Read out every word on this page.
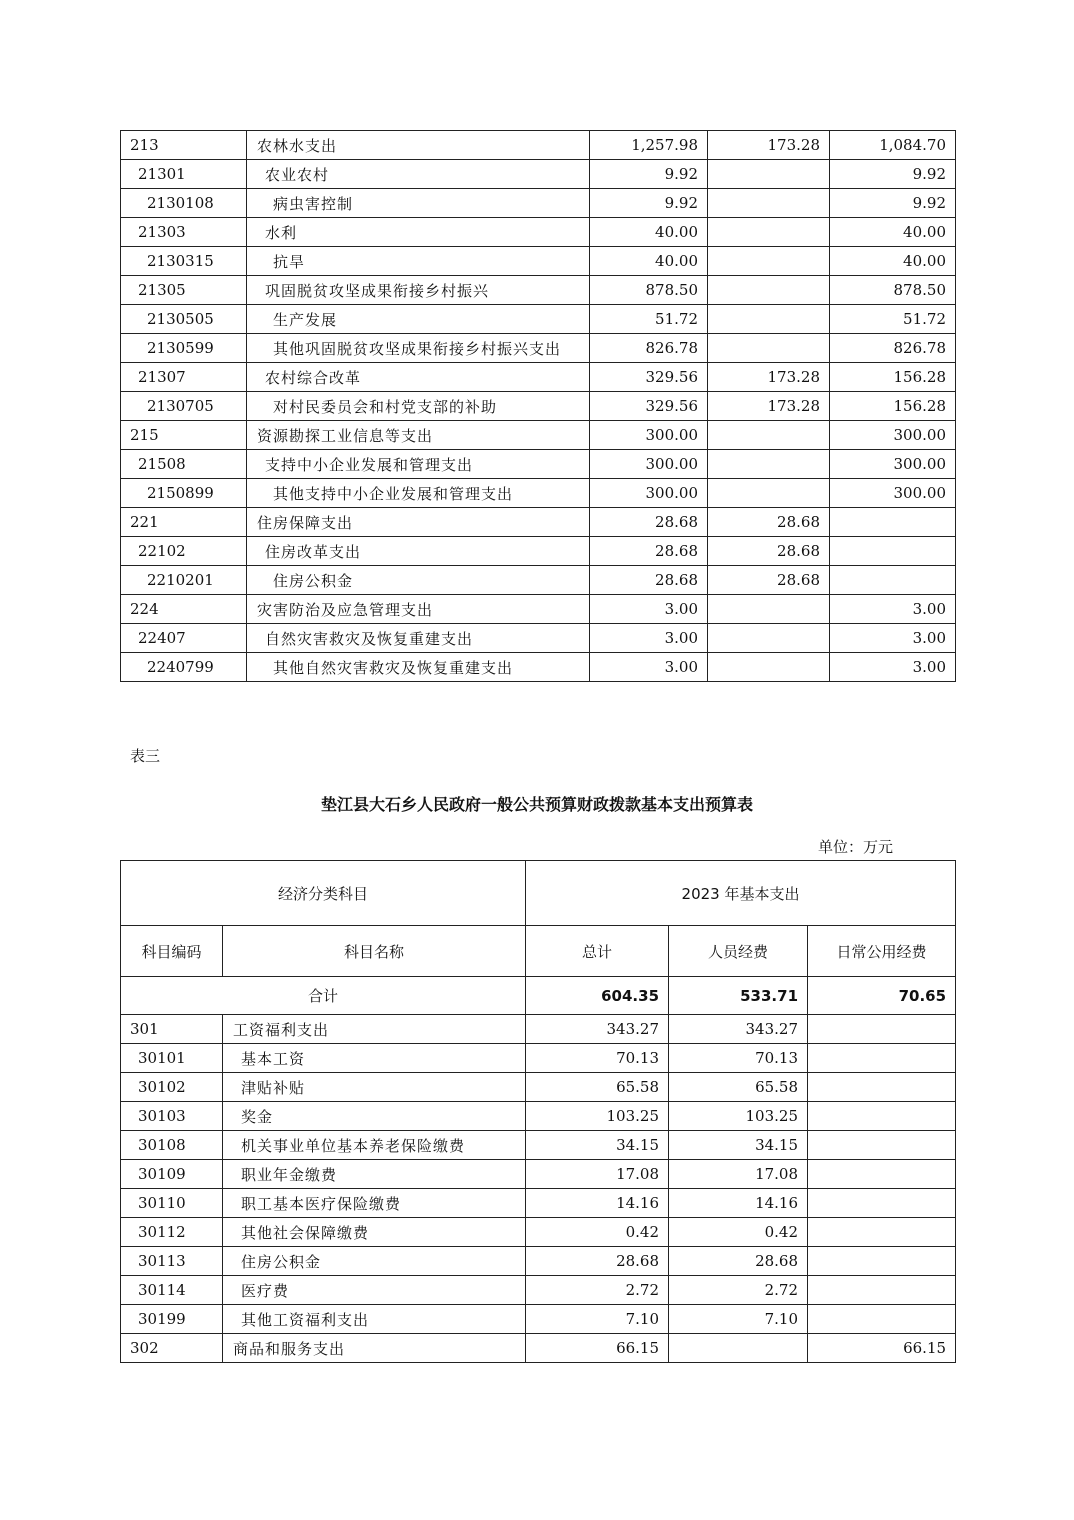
213	农林水支出	1,257.98	173.28	1,084.70
21301	农业农村	9.92		9.92
2130108	病虫害控制	9.92		9.92
21303	水利	40.00		40.00
2130315	抗旱	40.00		40.00
21305	巩固脱贫攻坚成果衔接乡村振兴	878.50		878.50
2130505	生产发展	51.72		51.72
2130599	其他巩固脱贫攻坚成果衔接乡村振兴支出	826.78		826.78
21307	农村综合改革	329.56	173.28	156.28
2130705	对村民委员会和村党支部的补助	329.56	173.28	156.28
215	资源勘探工业信息等支出	300.00		300.00
21508	支持中小企业发展和管理支出	300.00		300.00
2150899	其他支持中小企业发展和管理支出	300.00		300.00
221	住房保障支出	28.68	28.68	
22102	住房改革支出	28.68	28.68	
2210201	住房公积金	28.68	28.68	
224	灾害防治及应急管理支出	3.00		3.00
22407	自然灾害救灾及恢复重建支出	3.00		3.00
2240799	其他自然灾害救灾及恢复重建支出	3.00		3.00
表三
垫江县大石乡人民政府一般公共预算财政拨款基本支出预算表
单位：万元
经济分类科目		2023 年基本支出		
科目编码	科目名称	总计	人员经费	日常公用经费
合计		604.35	533.71	70.65
301	工资福利支出	343.27	343.27	
30101	基本工资	70.13	70.13	
30102	津贴补贴	65.58	65.58	
30103	奖金	103.25	103.25	
30108	机关事业单位基本养老保险缴费	34.15	34.15	
30109	职业年金缴费	17.08	17.08	
30110	职工基本医疗保险缴费	14.16	14.16	
30112	其他社会保障缴费	0.42	0.42	
30113	住房公积金	28.68	28.68	
30114	医疗费	2.72	2.72	
30199	其他工资福利支出	7.10	7.10	
302	商品和服务支出	66.15		66.15
